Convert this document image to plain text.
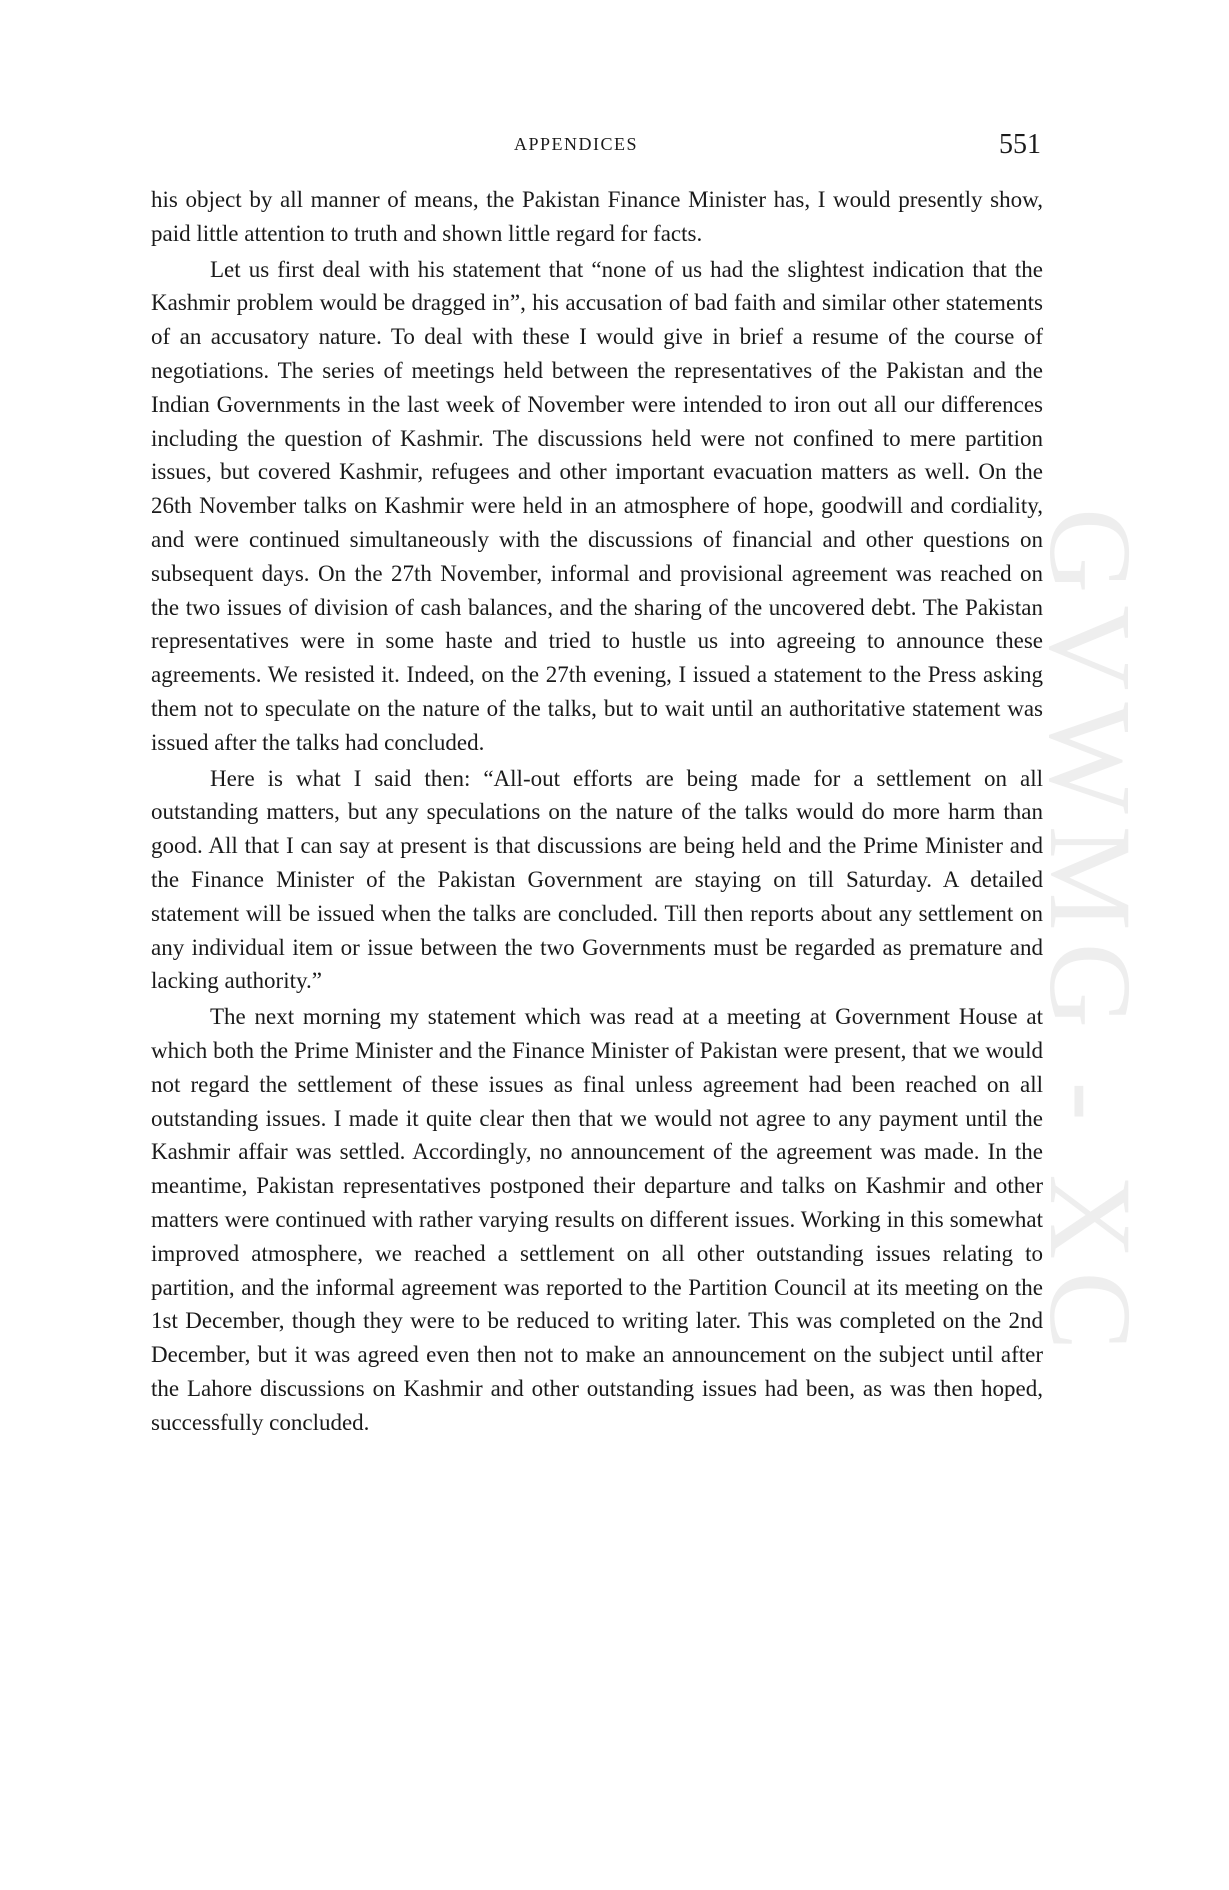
APPENDICES	551

his object by all manner of means, the Pakistan Finance Minister has, I would presently show, paid little attention to truth and shown little regard for facts.

Let us first deal with his statement that “none of us had the slightest indication that the Kashmir problem would be dragged in”, his accusation of bad faith and similar other statements of an accusatory nature. To deal with these I would give in brief a resume of the course of negotiations. The series of meetings held between the representatives of the Pakistan and the Indian Governments in the last week of November were intended to iron out all our differences including the question of Kashmir. The discussions held were not confined to mere partition issues, but covered Kashmir, refugees and other important evacuation matters as well. On the 26th November talks on Kashmir were held in an atmosphere of hope, goodwill and cordiality, and were continued simultaneously with the discussions of financial and other questions on subsequent days. On the 27th November, informal and provisional agreement was reached on the two issues of division of cash balances, and the sharing of the uncovered debt. The Pakistan representatives were in some haste and tried to hustle us into agreeing to announce these agreements. We resisted it. Indeed, on the 27th evening, I issued a statement to the Press asking them not to speculate on the nature of the talks, but to wait until an authoritative statement was issued after the talks had concluded.

Here is what I said then: “All-out efforts are being made for a settlement on all outstanding matters, but any speculations on the nature of the talks would do more harm than good. All that I can say at present is that discussions are being held and the Prime Minister and the Finance Minister of the Pakistan Government are staying on till Saturday. A detailed statement will be issued when the talks are concluded. Till then reports about any settlement on any individual item or issue between the two Governments must be regarded as premature and lacking authority.”

The next morning my statement which was read at a meeting at Government House at which both the Prime Minister and the Finance Minister of Pakistan were present, that we would not regard the settlement of these issues as final unless agreement had been reached on all outstanding issues. I made it quite clear then that we would not agree to any payment until the Kashmir affair was settled. Accordingly, no announcement of the agreement was made. In the meantime, Pakistan representatives postponed their departure and talks on Kashmir and other matters were continued with rather varying results on different issues. Working in this somewhat improved atmosphere, we reached a settlement on all other outstanding issues relating to partition, and the informal agreement was reported to the Partition Council at its meeting on the 1st December, though they were to be reduced to writing later. This was completed on the 2nd December, but it was agreed even then not to make an announcement on the subject until after the Lahore discussions on Kashmir and other outstanding issues had been, as was then hoped, successfully concluded.

GVWMG - XC
